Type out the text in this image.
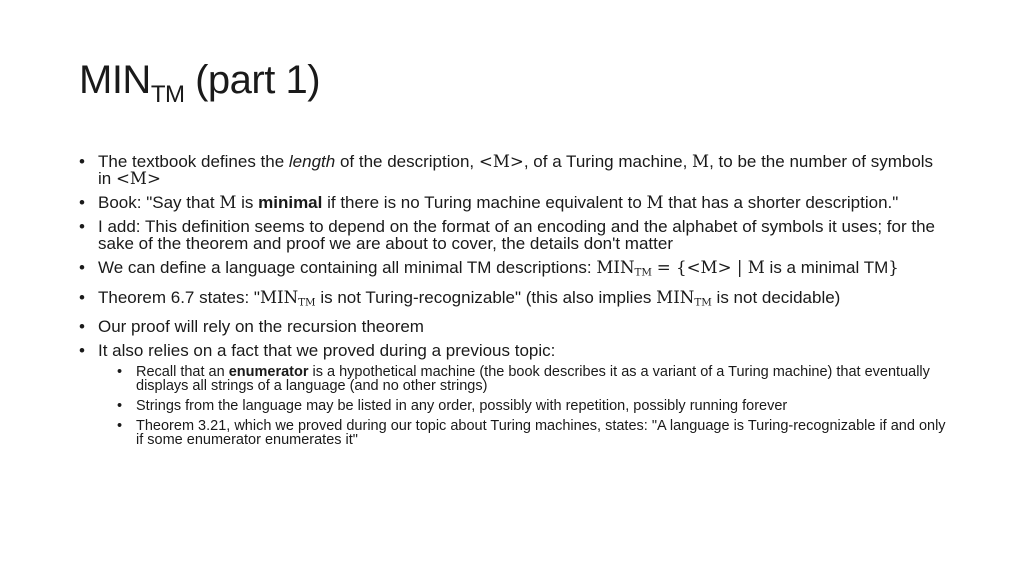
$MIN_{TM}$ (part 1)
• The textbook defines the length of the description, <M>, of a Turing machine, M, to be the number of symbols in <M>
• Book: "Say that M is minimal if there is no Turing machine equivalent to M that has a shorter description."
• I add: This definition seems to depend on the format of an encoding and the alphabet of symbols it uses; for the sake of the theorem and proof we are about to cover, the details don't matter
• We can define a language containing all minimal TM descriptions: $MIN_{TM} = \{<M>$ | M is a minimal TM}
• Theorem 6.7 states: "$MIN_{TM}$ is not Turing-recognizable" (this also implies $MIN_{TM}$ is not decidable)
• Our proof will rely on the recursion theorem
• It also relies on a fact that we proved during a previous topic:
• Recall that an enumerator is a hypothetical machine (the book describes it as a variant of a Turing machine) that eventually displays all strings of a language (and no other strings)
• Strings from the language may be listed in any order, possibly with repetition, possibly running forever
• Theorem 3.21, which we proved during our topic about Turing machines, states: "A language is Turing-recognizable if and only if some enumerator enumerates it"
